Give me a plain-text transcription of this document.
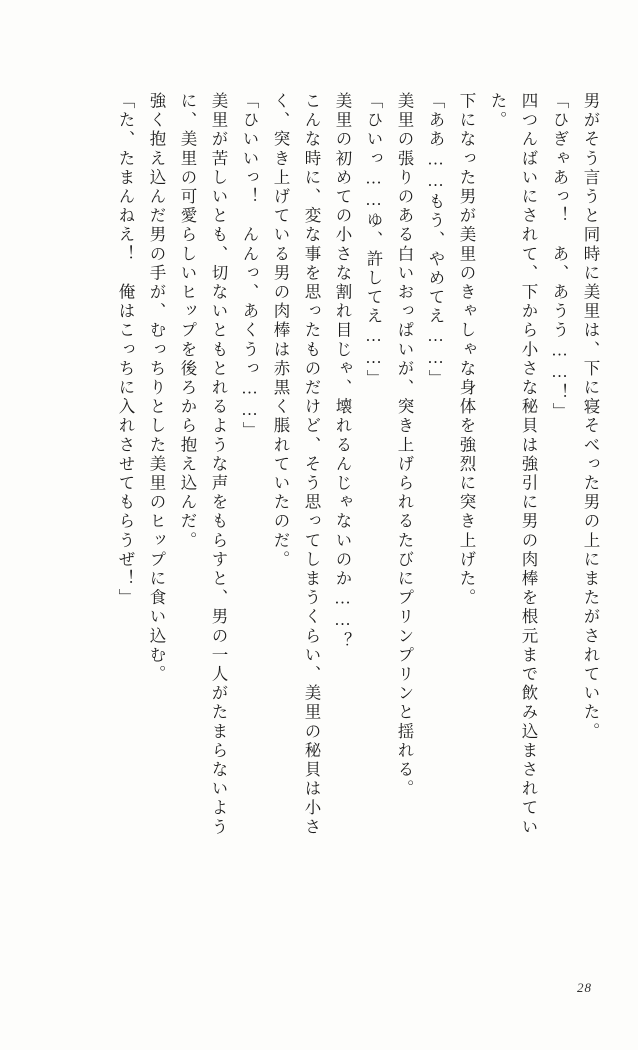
男がそう言うと同時に美里は、下に寝そべった男の上にまたがされていた。
「ひぎゃあっ！　あ、あうう……！」
四つんばいにされて、下から小さな秘貝は強引に男の肉棒を根元まで飲み込まされてい
た。
下になった男が美里のきゃしゃな身体を強烈に突き上げた。
「ああ……もう、やめてえ……」
美里の張りのある白いおっぱいが、突き上げられるたびにプリンプリンと揺れる。
「ひいっ……ゆ、許してえ……」
美里の初めての小さな割れ目じゃ、壊れるんじゃないのか……？
こんな時に、変な事を思ったものだけど、そう思ってしまうくらい、美里の秘貝は小さ
く、突き上げている男の肉棒は赤黒く脹れていたのだ。
「ひいいっ！　んんっ、あくうっ……」
美里が苦しいとも、切ないともとれるような声をもらすと、男の一人がたまらないよう
に、美里の可愛らしいヒップを後ろから抱え込んだ。
強く抱え込んだ男の手が、むっちりとした美里のヒップに食い込む。
「た、たまんねえ！　俺はこっちに入れさせてもらうぜ！」
28
